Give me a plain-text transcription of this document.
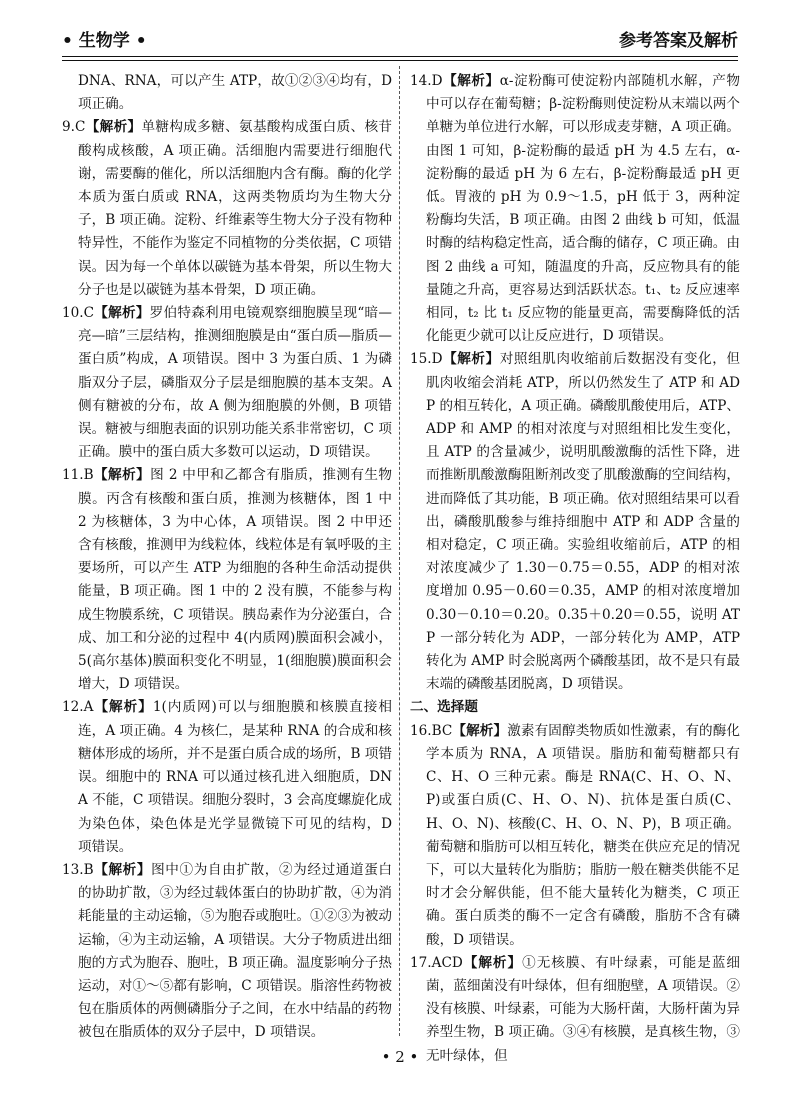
• 生物学 •	参考答案及解析

DNA、RNA，可以产生 ATP，故①②③④均有，D 项正确。

9.C【解析】单糖构成多糖、氨基酸构成蛋白质、核苷酸构成核酸，A 项正确。活细胞内需要进行细胞代谢，需要酶的催化，所以活细胞内含有酶。酶的化学本质为蛋白质或 RNA，这两类物质均为生物大分子，B 项正确。淀粉、纤维素等生物大分子没有物种特异性，不能作为鉴定不同植物的分类依据，C 项错误。因为每一个单体以碳链为基本骨架，所以生物大分子也是以碳链为基本骨架，D 项正确。

10.C【解析】罗伯特森利用电镜观察细胞膜呈现“暗—亮—暗”三层结构，推测细胞膜是由“蛋白质—脂质—蛋白质”构成，A 项错误。图中 3 为蛋白质、1 为磷脂双分子层，磷脂双分子层是细胞膜的基本支架。A 侧有糖被的分布，故 A 侧为细胞膜的外侧，B 项错误。糖被与细胞表面的识别功能关系非常密切，C 项正确。膜中的蛋白质大多数可以运动，D 项错误。

11.B【解析】图 2 中甲和乙都含有脂质，推测有生物膜。丙含有核酸和蛋白质，推测为核糖体，图 1 中 2 为核糖体，3 为中心体，A 项错误。图 2 中甲还含有核酸，推测甲为线粒体，线粒体是有氧呼吸的主要场所，可以产生 ATP 为细胞的各种生命活动提供能量，B 项正确。图 1 中的 2 没有膜，不能参与构成生物膜系统，C 项错误。胰岛素作为分泌蛋白，合成、加工和分泌的过程中 4(内质网)膜面积会减小，5(高尔基体)膜面积变化不明显，1(细胞膜)膜面积会增大，D 项错误。

12.A【解析】1(内质网)可以与细胞膜和核膜直接相连，A 项正确。4 为核仁，是某种 RNA 的合成和核糖体形成的场所，并不是蛋白质合成的场所，B 项错误。细胞中的 RNA 可以通过核孔进入细胞质，DNA 不能，C 项错误。细胞分裂时，3 会高度螺旋化成为染色体，染色体是光学显微镜下可见的结构，D 项错误。

13.B【解析】图中①为自由扩散，②为经过通道蛋白的协助扩散，③为经过载体蛋白的协助扩散，④为消耗能量的主动运输，⑤为胞吞或胞吐。①②③为被动运输，④为主动运输，A 项错误。大分子物质进出细胞的方式为胞吞、胞吐，B 项正确。温度影响分子热运动，对①～⑤都有影响，C 项错误。脂溶性药物被包在脂质体的两侧磷脂分子之间，在水中结晶的药物被包在脂质体的双分子层中，D 项错误。

14.D【解析】α-淀粉酶可使淀粉内部随机水解，产物中可以存在葡萄糖；β-淀粉酶则使淀粉从末端以两个单糖为单位进行水解，可以形成麦芽糖，A 项正确。由图 1 可知，β-淀粉酶的最适 pH 为 4.5 左右，α-淀粉酶的最适 pH 为 6 左右，β-淀粉酶最适 pH 更低。胃液的 pH 为 0.9～1.5，pH 低于 3，两种淀粉酶均失活，B 项正确。由图 2 曲线 b 可知，低温时酶的结构稳定性高，适合酶的储存，C 项正确。由图 2 曲线 a 可知，随温度的升高，反应物具有的能量随之升高，更容易达到活跃状态。t₁、t₂ 反应速率相同，t₂ 比 t₁ 反应物的能量更高，需要酶降低的活化能更少就可以让反应进行，D 项错误。

15.D【解析】对照组肌肉收缩前后数据没有变化，但肌肉收缩会消耗 ATP，所以仍然发生了 ATP 和 ADP 的相互转化，A 项正确。磷酸肌酸使用后，ATP、ADP 和 AMP 的相对浓度与对照组相比发生变化，且 ATP 的含量减少，说明肌酸激酶的活性下降，进而推断肌酸激酶阻断剂改变了肌酸激酶的空间结构，进而降低了其功能，B 项正确。依对照组结果可以看出，磷酸肌酸参与维持细胞中 ATP 和 ADP 含量的相对稳定，C 项正确。实验组收缩前后，ATP 的相对浓度减少了 1.30－0.75＝0.55，ADP 的相对浓度增加 0.95－0.60＝0.35，AMP 的相对浓度增加 0.30－0.10＝0.20。0.35＋0.20＝0.55，说明 ATP 一部分转化为 ADP，一部分转化为 AMP，ATP 转化为 AMP 时会脱离两个磷酸基团，故不是只有最末端的磷酸基团脱离，D 项错误。

二、选择题

16.BC【解析】激素有固醇类物质如性激素，有的酶化学本质为 RNA，A 项错误。脂肪和葡萄糖都只有 C、H、O 三种元素。酶是 RNA(C、H、O、N、P)或蛋白质(C、H、O、N)、抗体是蛋白质(C、H、O、N)、核酸(C、H、O、N、P)，B 项正确。葡萄糖和脂肪可以相互转化，糖类在供应充足的情况下，可以大量转化为脂肪；脂肪一般在糖类供能不足时才会分解供能，但不能大量转化为糖类，C 项正确。蛋白质类的酶不一定含有磷酸，脂肪不含有磷酸，D 项错误。

17.ACD【解析】①无核膜、有叶绿素，可能是蓝细菌，蓝细菌没有叶绿体，但有细胞壁，A 项错误。②没有核膜、叶绿素，可能为大肠杆菌，大肠杆菌为异养型生物，B 项正确。③④有核膜，是真核生物，③无叶绿体，但

• 2 •
